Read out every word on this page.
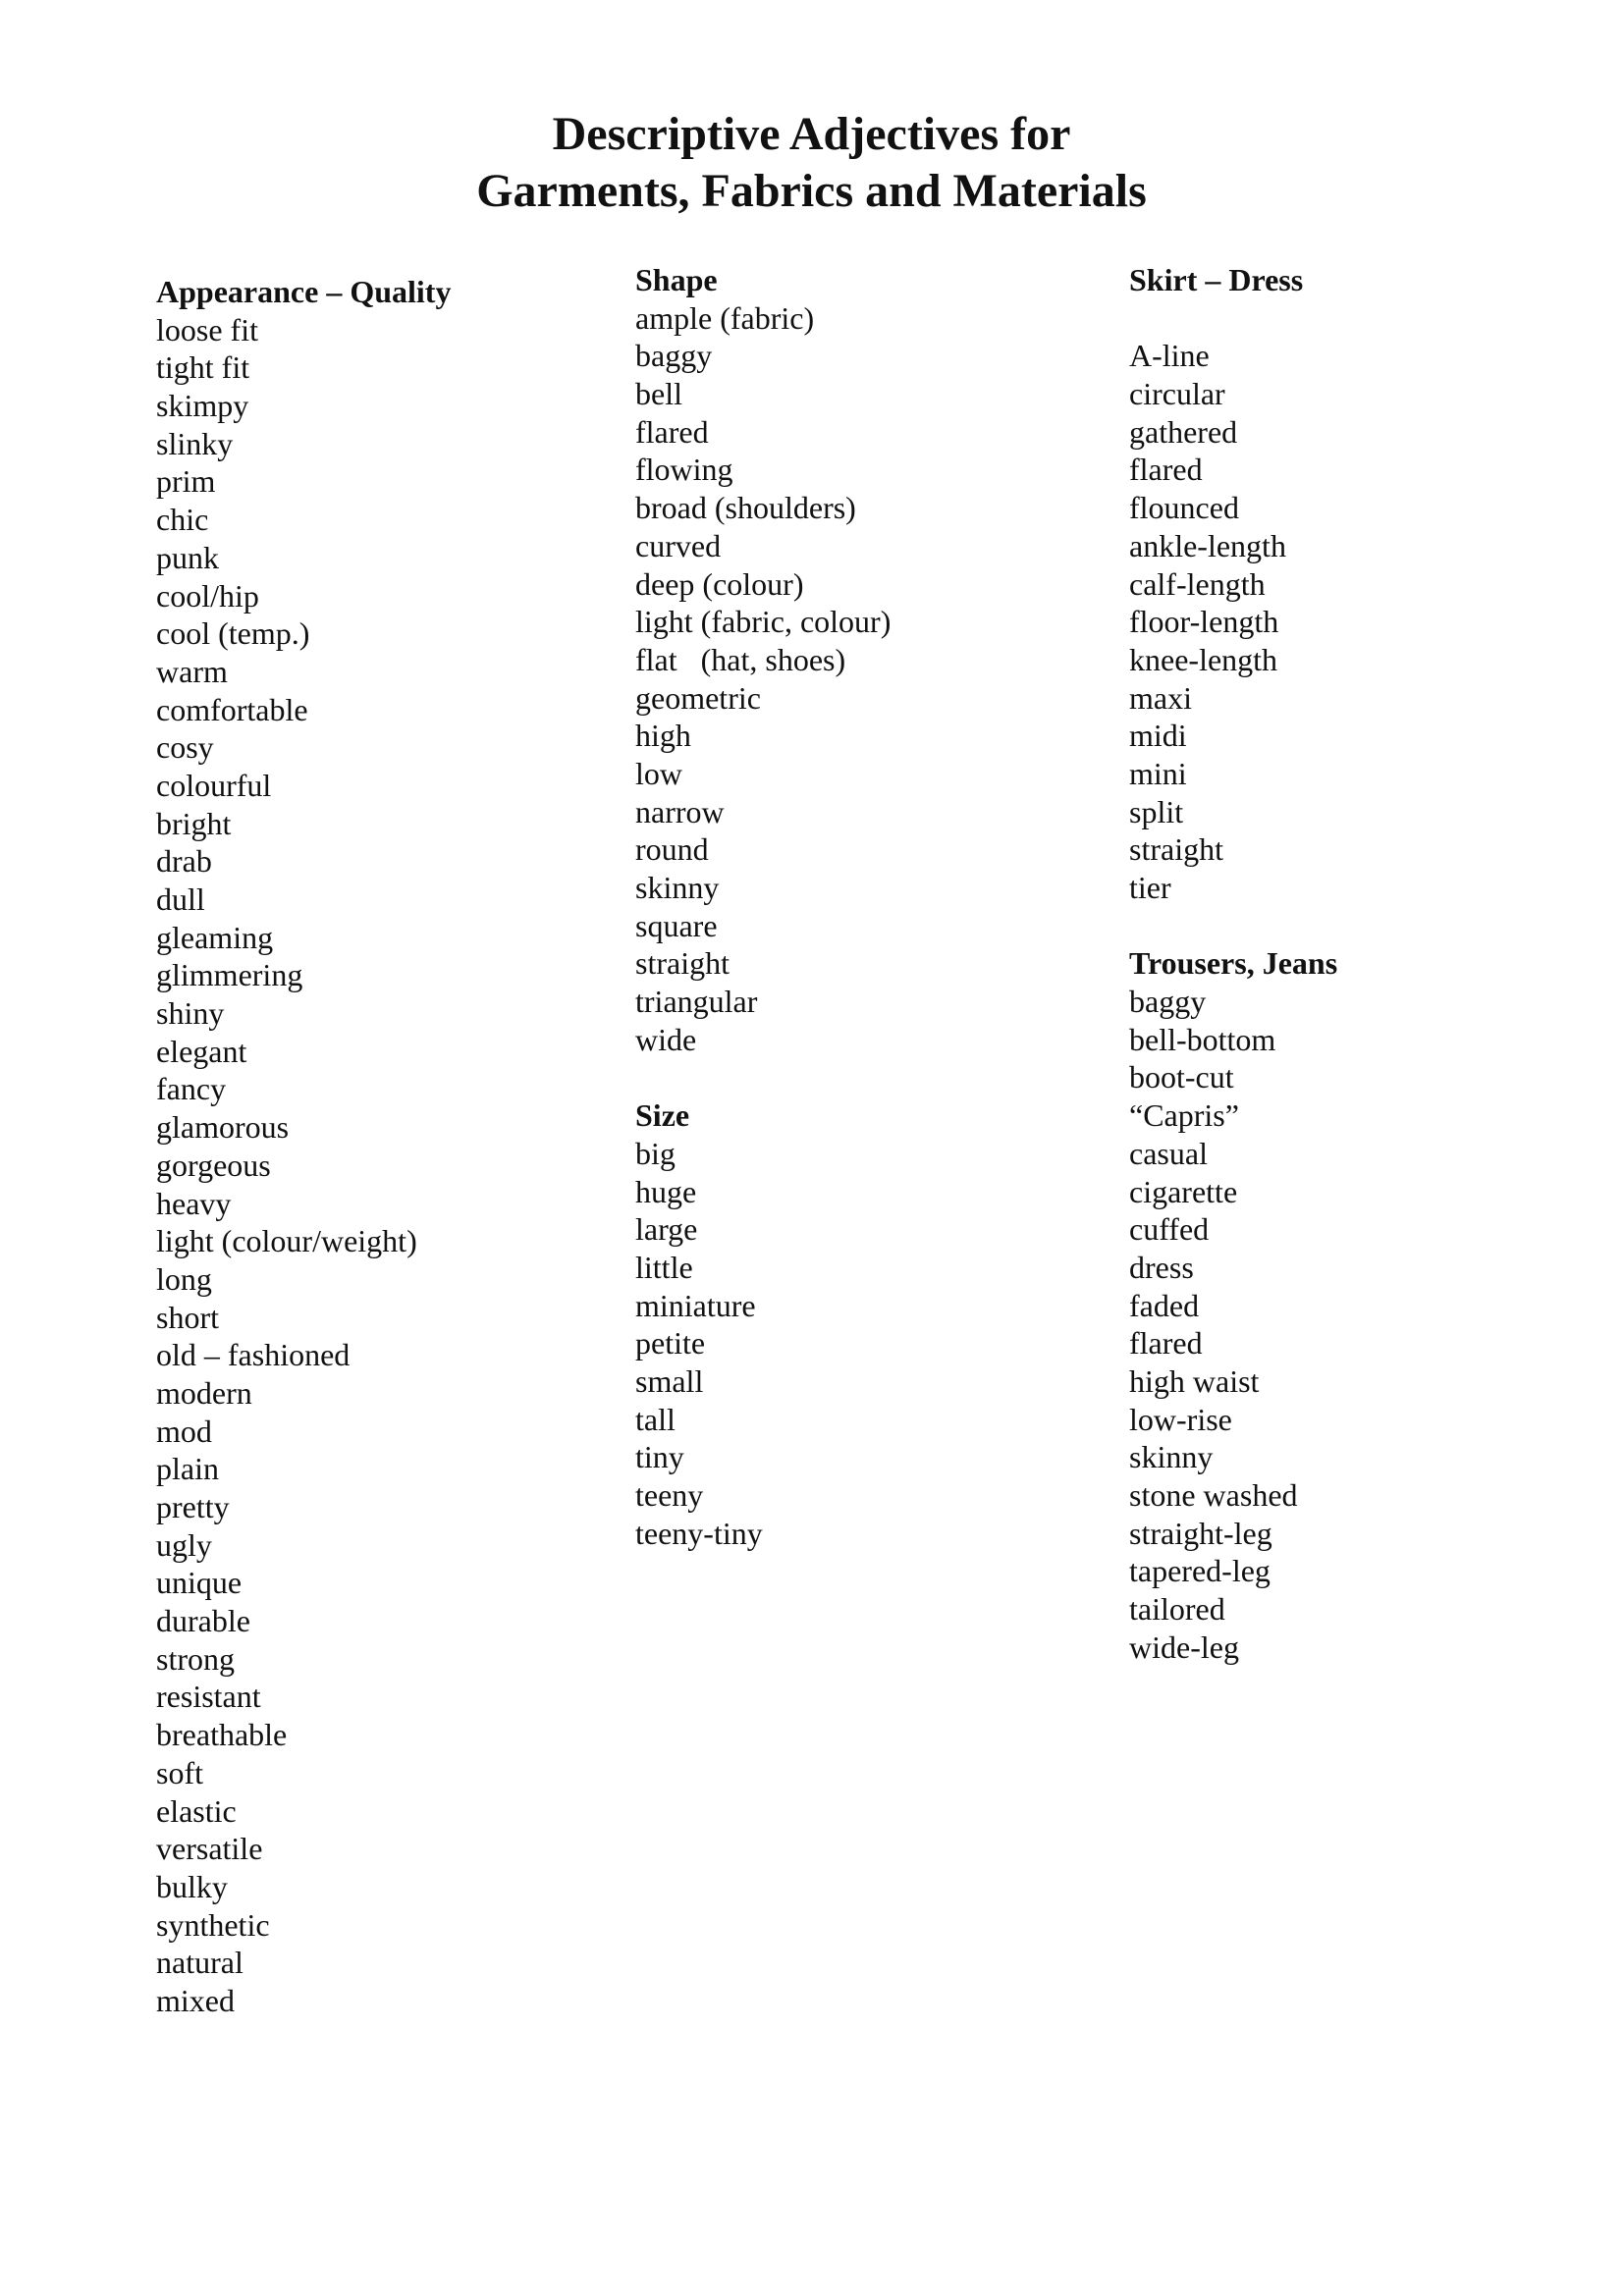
Descriptive Adjectives for
Garments, Fabrics and Materials
Appearance – Quality
loose fit
tight fit
skimpy
slinky
prim
chic
punk
cool/hip
cool (temp.)
warm
comfortable
cosy
colourful
bright
drab
dull
gleaming
glimmering
shiny
elegant
fancy
glamorous
gorgeous
heavy
light (colour/weight)
long
short
old – fashioned
modern
mod
plain
pretty
ugly
unique
durable
strong
resistant
breathable
soft
elastic
versatile
bulky
synthetic
natural
mixed
Shape
ample (fabric)
baggy
bell
flared
flowing
broad (shoulders)
curved
deep (colour)
light (fabric, colour)
flat   (hat, shoes)
geometric
high
low
narrow
round
skinny
square
straight
triangular
wide
Size
big
huge
large
little
miniature
petite
small
tall
tiny
teeny
teeny-tiny
Skirt – Dress
A-line
circular
gathered
flared
flounced
ankle-length
calf-length
floor-length
knee-length
maxi
midi
mini
split
straight
tier
Trousers, Jeans
baggy
bell-bottom
boot-cut
“Capris”
casual
cigarette
cuffed
dress
faded
flared
high waist
low-rise
skinny
stone washed
straight-leg
tapered-leg
tailored
wide-leg
